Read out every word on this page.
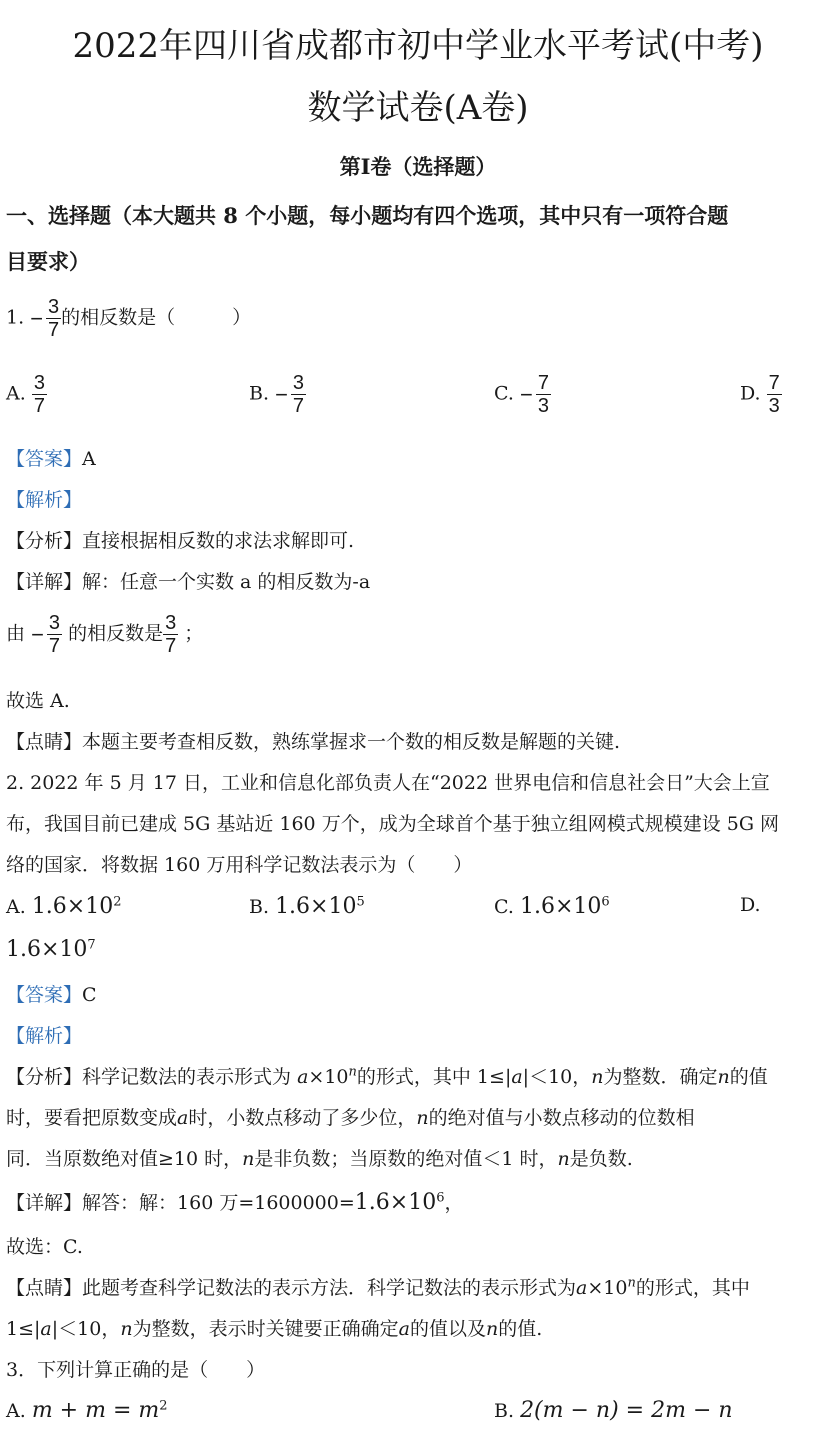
2022年四川省成都市初中学业水平考试(中考)
数学试卷(A卷)
第Ⅰ卷（选择题）
一、选择题（本大题共 8 个小题，每小题均有四个选项，其中只有一项符合题
目要求）
1. − $\frac{3}{7}$ 的相反数是（　　　）
A. $\frac{3}{7}$	B. − $\frac{3}{7}$	C. − $\frac{7}{3}$	D. $\frac{7}{3}$
【答案】A
【解析】
【分析】直接根据相反数的求法求解即可.
【详解】解：任意一个实数 a 的相反数为-a
由 − $\frac{3}{7}$ 的相反数是 $\frac{3}{7}$ ；
故选 A.
【点睛】本题主要考查相反数，熟练掌握求一个数的相反数是解题的关键.
2. 2022 年 5 月 17 日，工业和信息化部负责人在“2022 世界电信和信息社会日”大会上宣
布，我国目前已建成 5G 基站近 160 万个，成为全球首个基于独立组网模式规模建设 5G 网
络的国家．将数据 160 万用科学记数法表示为（　　）
A. $1.6\times 10^2$	B. $1.6\times 10^5$	C. $1.6\times 10^6$	D.
$1.6\times 10^7$
【答案】C
【解析】
【分析】科学记数法的表示形式为 $a\times 10^n$的形式，其中 1≤|a|＜10，n为整数．确定n的值
时，要看把原数变成a时，小数点移动了多少位，n的绝对值与小数点移动的位数相
同．当原数绝对值≥10 时，n是非负数；当原数的绝对值＜1 时，n是负数.
【详解】解答：解：160 万$=1600000=1.6\times 10^6$，
故选：C.
【点睛】此题考查科学记数法的表示方法．科学记数法的表示形式为$a\times 10^n$的形式，其中
1≤|a|＜10，n为整数，表示时关键要正确确定a的值以及n的值.
3．下列计算正确的是（　　）
A. $m + m = m^2$	B. 2(m − n) = 2m − n
